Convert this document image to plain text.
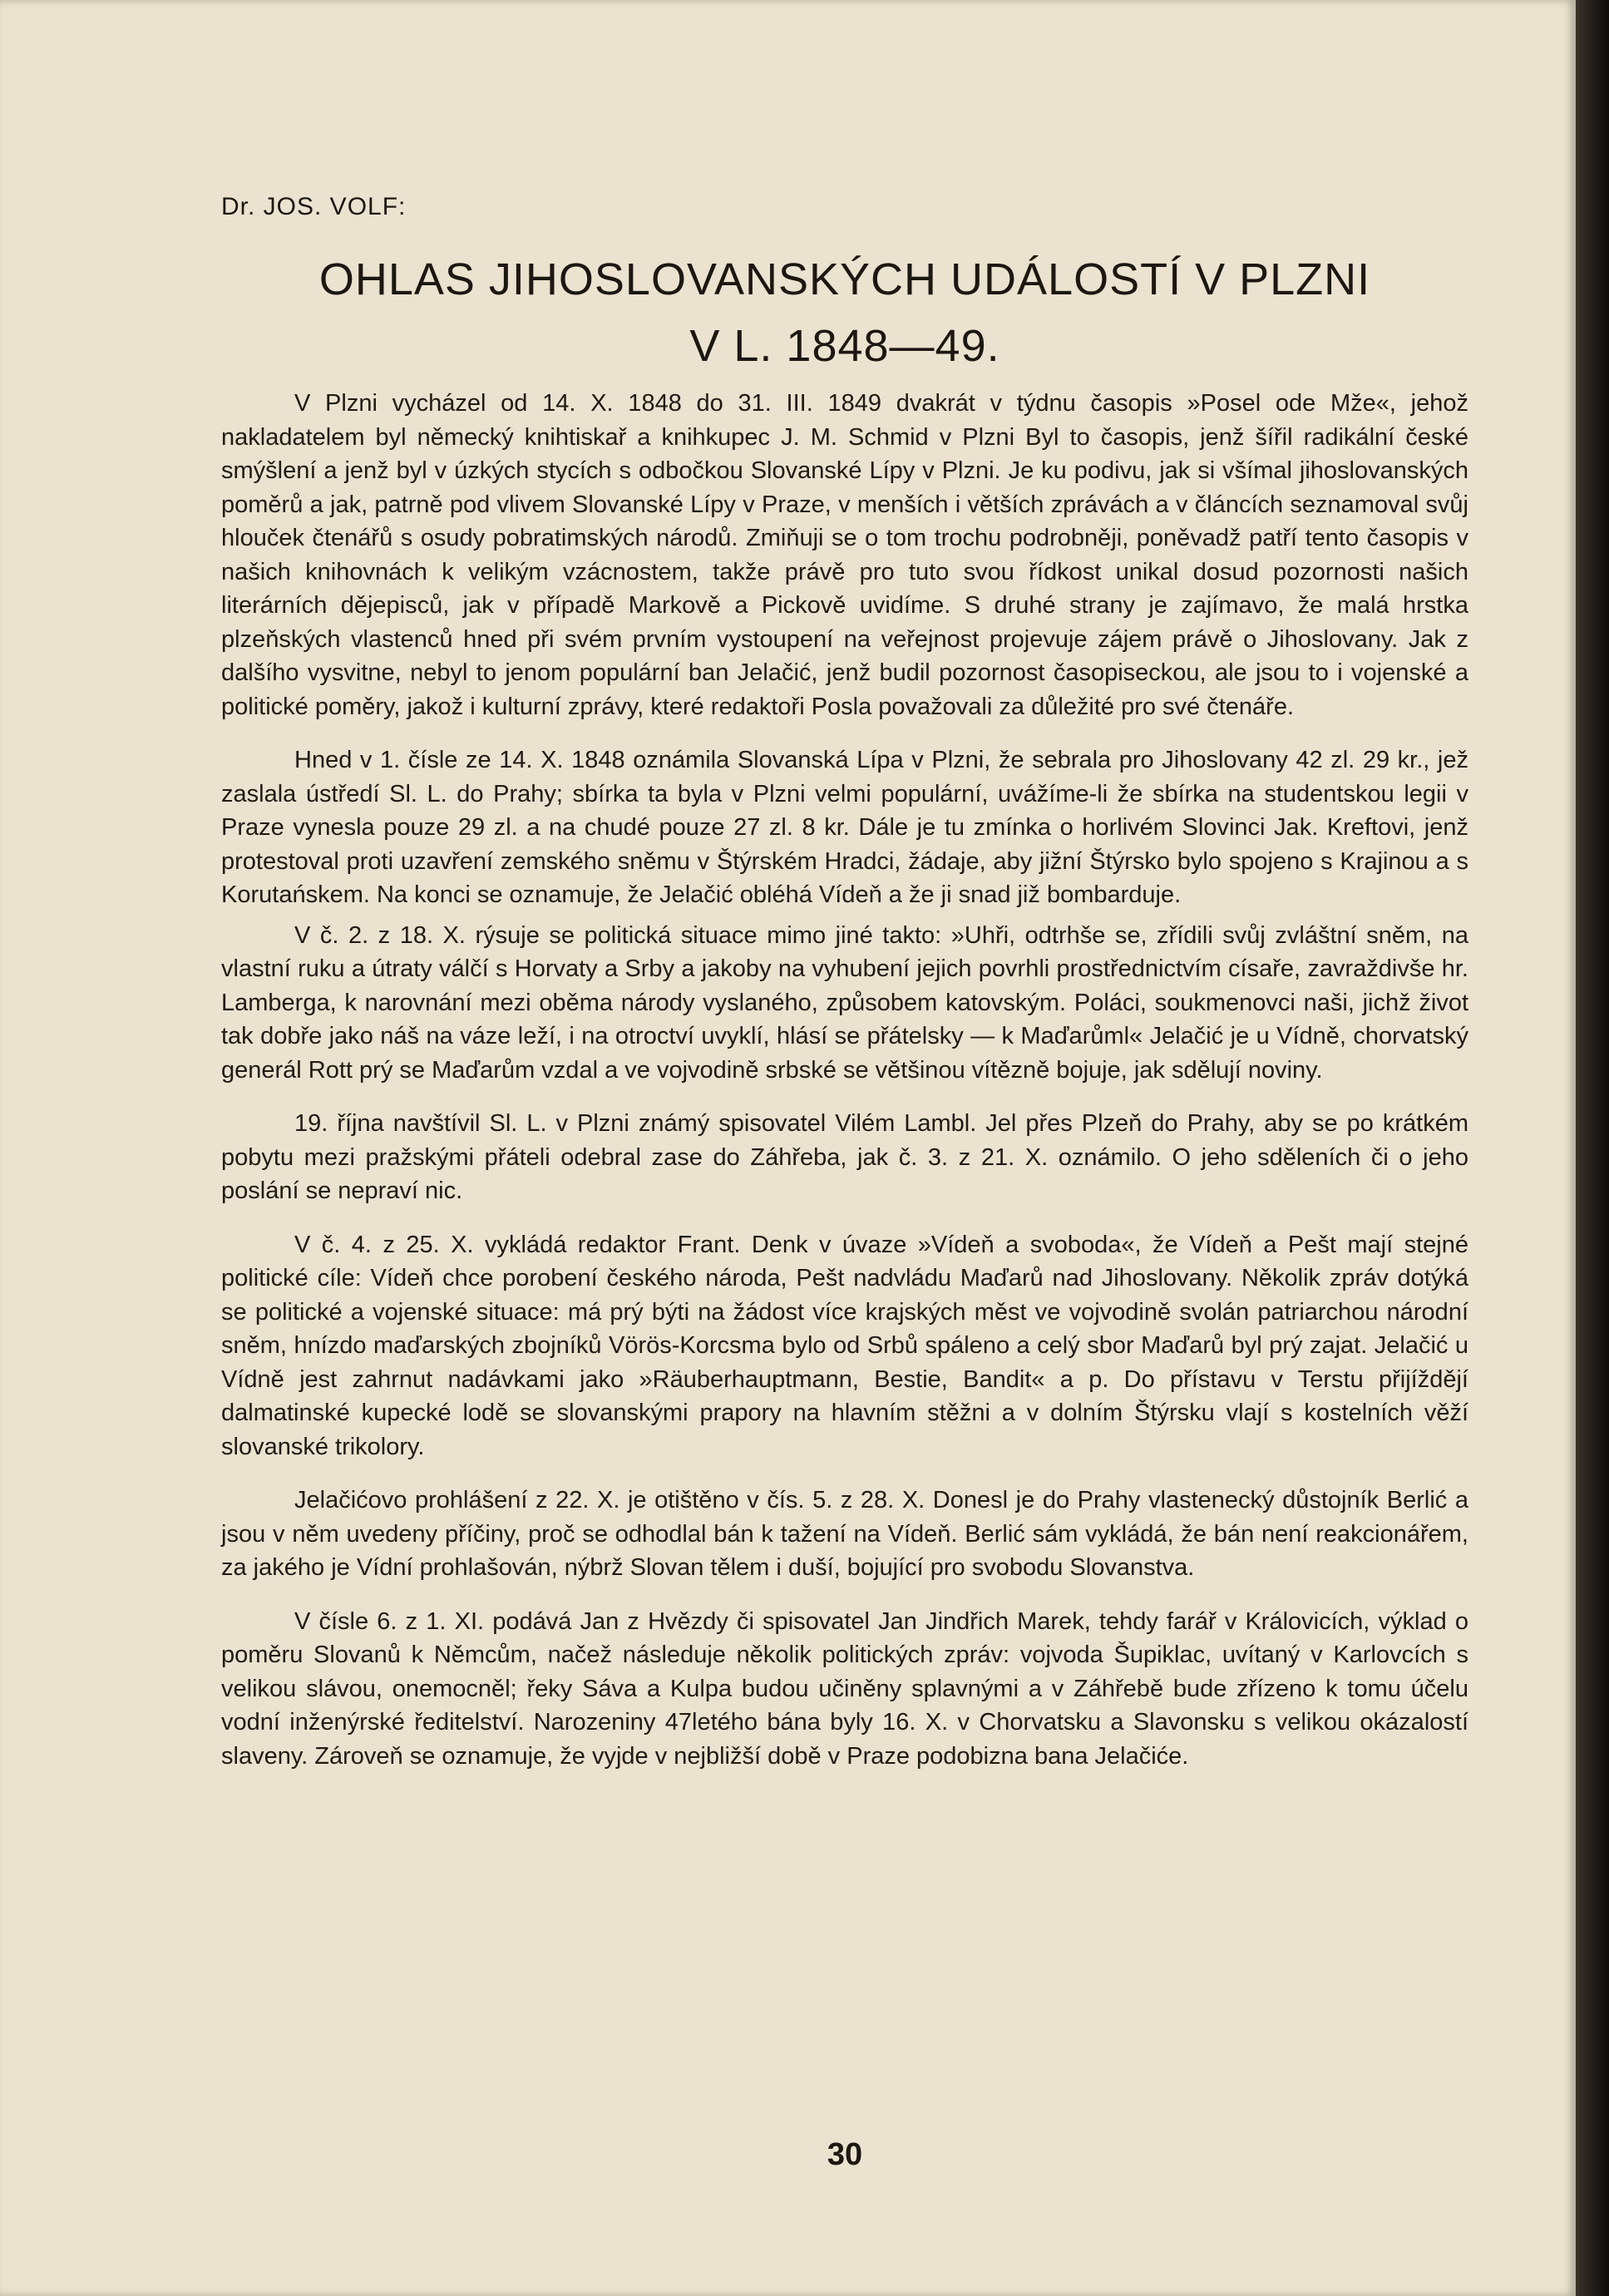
Dr. JOS. VOLF:
OHLAS JIHOSLOVANSKÝCH UDÁLOSTÍ V PLZNI
V L. 1848—49.

V Plzni vycházel od 14. X. 1848 do 31. III. 1849 dvakrát v týdnu časopis »Posel ode Mže«, jehož nakladatelem byl německý knihtiskař a knihkupec J. M. Schmid v Plzni Byl to časopis, jenž šířil radikální české smýšlení a jenž byl v úzkých stycích s odbočkou Slovanské Lípy v Plzni. Je ku podivu, jak si všímal jihoslovanských poměrů a jak, patrně pod vlivem Slovanské Lípy v Praze, v menších i větších zprávách a v článcích seznamoval svůj hlouček čtenářů s osudy pobratimských národů. Zmiňuji se o tom trochu podrobněji, poněvadž patří tento časopis v našich knihovnách k velikým vzácnostem, takže právě pro tuto svou řídkost unikal dosud pozornosti našich literárních dějepisců, jak v případě Markově a Pickově uvidíme. S druhé strany je zajímavo, že malá hrstka plzeňských vlastenců hned při svém prvním vystoupení na veřejnost projevuje zájem právě o Jihoslovany. Jak z dalšího vysvitne, nebyl to jenom populární ban Jelačić, jenž budil pozornost časopiseckou, ale jsou to i vojenské a politické poměry, jakož i kulturní zprávy, které redaktoři Posla považovali za důležité pro své čtenáře.

Hned v 1. čísle ze 14. X. 1848 oznámila Slovanská Lípa v Plzni, že sebrala pro Jihoslovany 42 zl. 29 kr., jež zaslala ústředí Sl. L. do Prahy; sbírka ta byla v Plzni velmi populární, uvážíme-li že sbírka na studentskou legii v Praze vynesla pouze 29 zl. a na chudé pouze 27 zl. 8 kr. Dále je tu zmínka o horlivém Slovinci Jak. Kreftovi, jenž protestoval proti uzavření zemského sněmu v Štýrském Hradci, žádaje, aby jižní Štýrsko bylo spojeno s Krajinou a s Korutańskem. Na konci se oznamuje, že Jelačić obléhá Vídeň a že ji snad již bombarduje.

V č. 2. z 18. X. rýsuje se politická situace mimo jiné takto: »Uhři, odtrhše se, zřídili svůj zvláštní sněm, na vlastní ruku a útraty válčí s Horvaty a Srby a jakoby na vyhubení jejich povrhli prostřednictvím císaře, zavraždivše hr. Lamberga, k narovnání mezi oběma národy vyslaného, způsobem katovským. Poláci, soukmenovci naši, jichž život tak dobře jako náš na váze leží, i na otroctví uvyklí, hlásí se přátelsky — k Maďarůml« Jelačić je u Vídně, chorvatský generál Rott prý se Maďarům vzdal a ve vojvodině srbské se většinou vítězně bojuje, jak sdělují noviny.

19. října navštívil Sl. L. v Plzni známý spisovatel Vilém Lambl. Jel přes Plzeň do Prahy, aby se po krátkém pobytu mezi pražskými přáteli odebral zase do Záhřeba, jak č. 3. z 21. X. oznámilo. O jeho sděleních či o jeho poslání se nepraví nic.

V č. 4. z 25. X. vykládá redaktor Frant. Denk v úvaze »Vídeň a svoboda«, že Vídeň a Pešt mají stejné politické cíle: Vídeň chce porobení českého národa, Pešt nadvládu Maďarů nad Jihoslovany. Několik zpráv dotýká se politické a vojenské situace: má prý býti na žádost více krajských měst ve vojvodině svolán patriarchou národní sněm, hnízdo maďarských zbojníků Vörös-Korcsma bylo od Srbů spáleno a celý sbor Maďarů byl prý zajat. Jelačić u Vídně jest zahrnut nadávkami jako »Räuberhauptmann, Bestie, Bandit« a p. Do přístavu v Terstu přijíždějí dalmatinské kupecké lodě se slovanskými prapory na hlavním stěžni a v dolním Štýrsku vlají s kostelních věží slovanské trikolory.

Jelačićovo prohlášení z 22. X. je otištěno v čís. 5. z 28. X. Donesl je do Prahy vlastenecký důstojník Berlić a jsou v něm uvedeny příčiny, proč se odhodlal bán k tažení na Vídeň. Berlić sám vykládá, že bán není reakcionářem, za jakého je Vídní prohlašován, nýbrž Slovan tělem i duší, bojující pro svobodu Slovanstva.

V čísle 6. z 1. XI. podává Jan z Hvězdy či spisovatel Jan Jindřich Marek, tehdy farář v Královicích, výklad o poměru Slovanů k Němcům, načež následuje několik politických zpráv: vojvoda Šupiklac, uvítaný v Karlovcích s velikou slávou, onemocněl; řeky Sáva a Kulpa budou učiněny splavnými a v Záhřebě bude zřízeno k tomu účelu vodní inženýrské ředitelství. Narozeniny 47letého bána byly 16. X. v Chorvatsku a Slavonsku s velikou okázalostí slaveny. Zároveň se oznamuje, že vyjde v nejbližší době v Praze podobizna bana Jelačiće.

30
